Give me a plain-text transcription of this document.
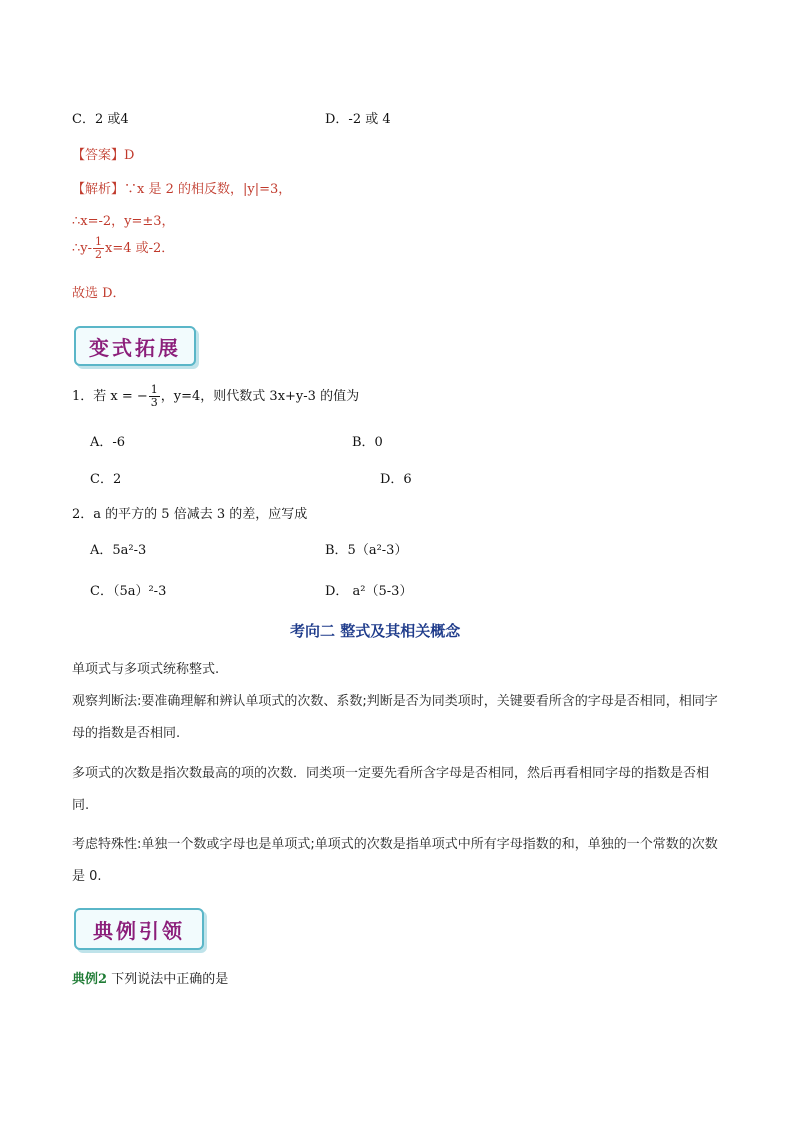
C．2 或4	D．-2 或 4
【答案】D
【解析】∵x 是 2 的相反数，|y|=3，
∴x=-2，y=±3，
∴y- $\frac{1}{2} x=4$ 或-2．
故选 D．
变式拓展
1．若 x = − $\frac{1}{3}$ ，y=4，则代数式 3x+y-3 的值为
A．-6	B．0
C．2	D．6
2．a 的平方的 5 倍减去 3 的差，应写成
A．5a²-3	B．5（a²-3）
C．（5a）²-3	D． a²（5-3）
考向二 整式及其相关概念
单项式与多项式统称整式.
观察判断法:要准确理解和辨认单项式的次数、系数;判断是否为同类项时，关键要看所含的字母是否相同，相同字母的指数是否相同.
多项式的次数是指次数最高的项的次数．同类项一定要先看所含字母是否相同，然后再看相同字母的指数是否相同.
考虑特殊性:单独一个数或字母也是单项式;单项式的次数是指单项式中所有字母指数的和，单独的一个常数的次数是 0.
典例引领
典例2 下列说法中正确的是
